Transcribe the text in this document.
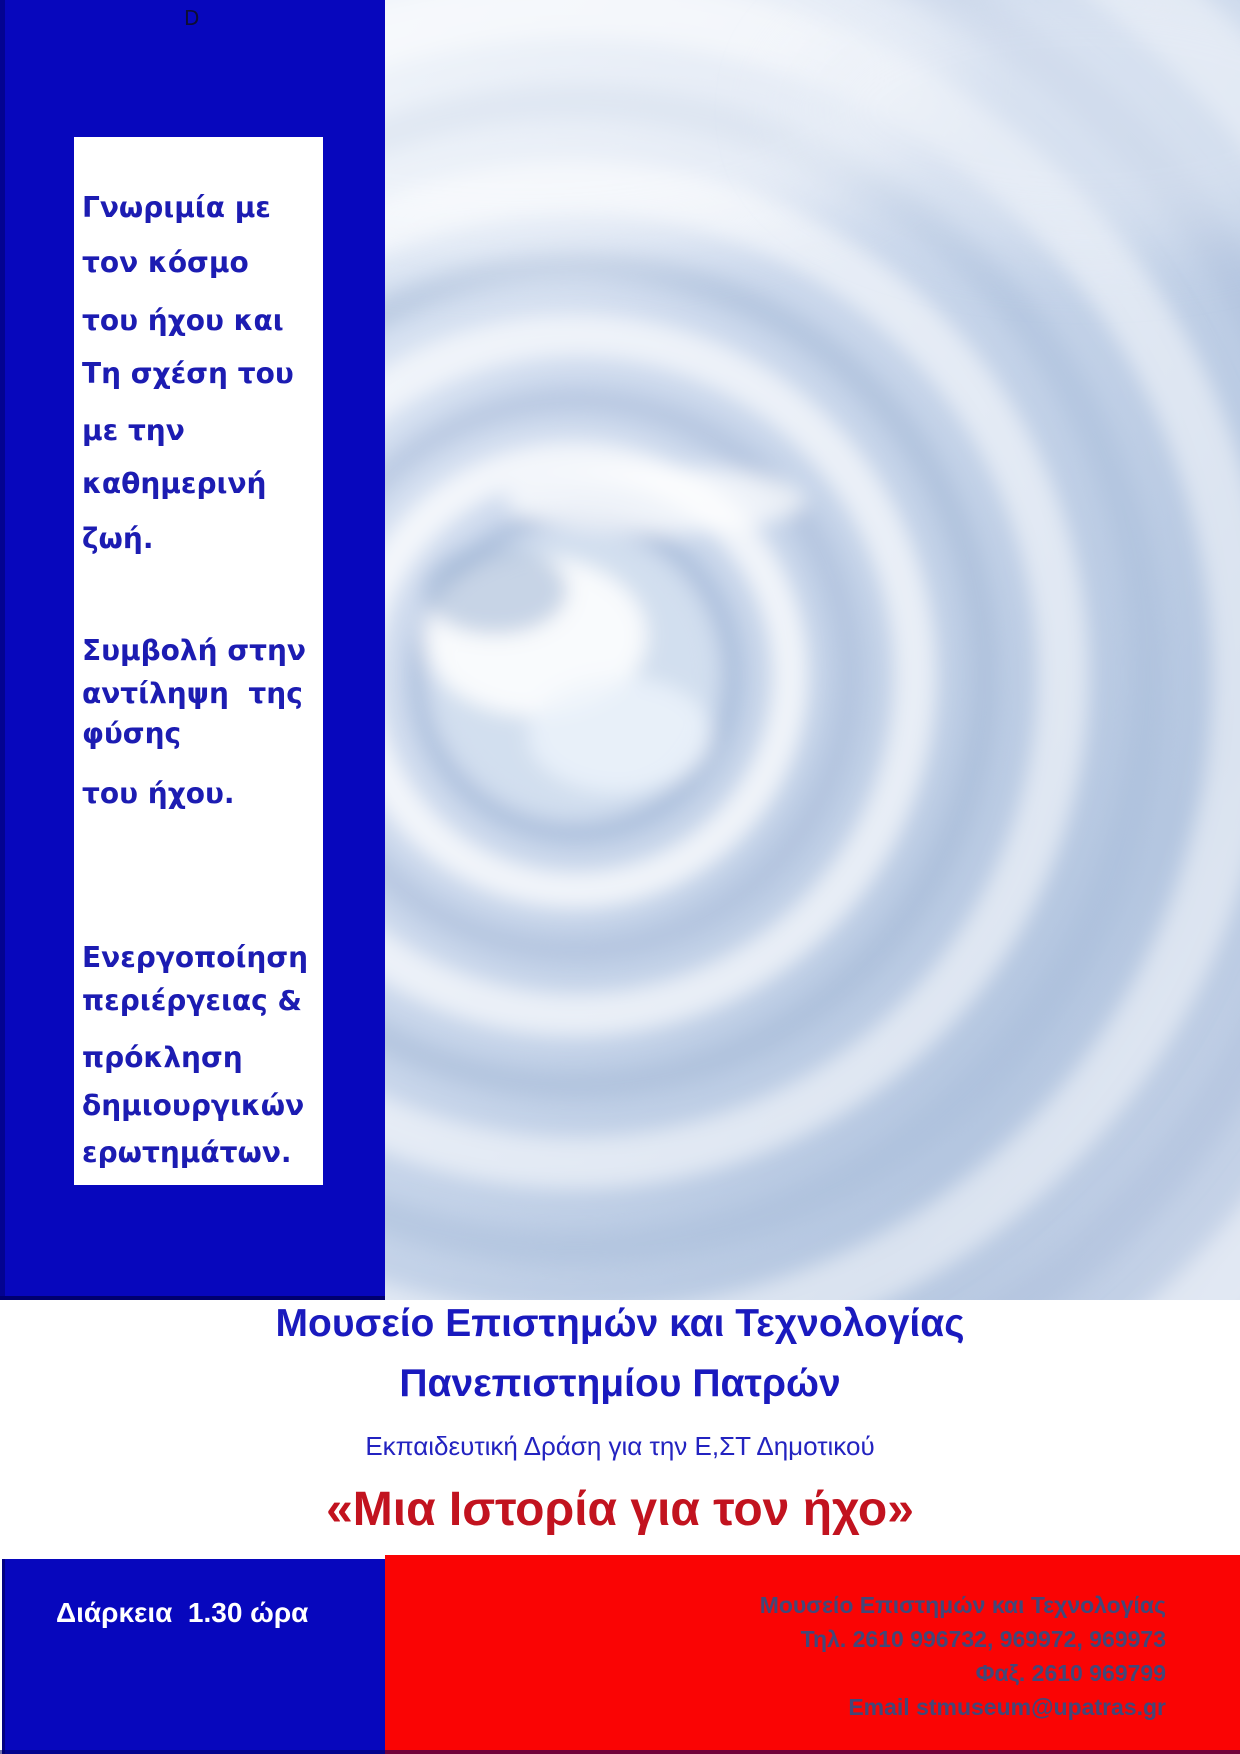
D
Γνωριμία με
τον κόσμο
του ήχου και
Τη σχέση του
με την
καθημερινή
ζωή.
Συμβολή στην
αντίληψη  της
φύσης
του ήχου.
Ενεργοποίηση
περιέργειας &
πρόκληση
δημιουργικών
ερωτημάτων.
Μουσείο Επιστημών και Τεχνολογίας
Πανεπιστημίου Πατρών
Εκπαιδευτική Δράση για την Ε,ΣΤ Δημοτικού
«Μια Ιστορία για τον ήχο»
Διάρκεια  1.30 ώρα	Μουσείο Επιστημών και Τεχνολογίας
Τηλ. 2610 996732, 969972, 969973
Φαξ. 2610 969799
Email stmuseum@upatras.gr
